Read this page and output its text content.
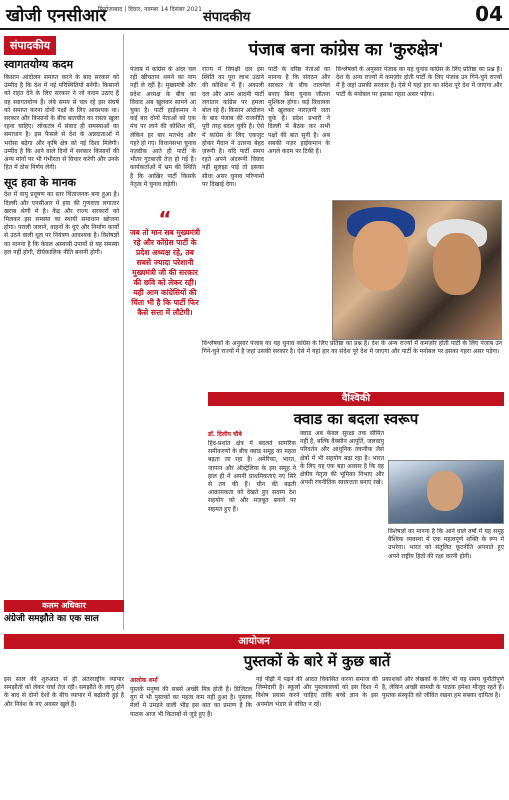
खोजी एनसीआर
फ़िरोज़ाबाद | दिवार, नवम्बर 14 दिसंबर 2021
संपादकीय	04
संपादकीय
स्वागतयोग्य कदम
किसान आंदोलन समाप्त करने के बाद सरकार को उम्मीद है कि देश में नई परिस्थितियों बनेंगी। किसानों को राहत देने के लिए सरकार ने जो कदम उठाए हैं वह स्वागतयोग्य हैं। लंबे समय से चल रहे इस संघर्ष को समाप्त करना दोनों पक्षों के लिए आवश्यक था। सरकार और किसानों के बीच बातचीत का रास्ता खुला रहना चाहिए। लोकतंत्र में संवाद ही समस्याओं का समाधान है। इस फैसले से देश के अन्नदाताओं में भरोसा बढ़ेगा और कृषि क्षेत्र को नई दिशा मिलेगी। उम्मीद है कि आने वाले दिनों में सरकार किसानों की अन्य मांगों पर भी गंभीरता से विचार करेगी और उनके हित में ठोस निर्णय लेगी।
सूद हवा के मानक
देश में वायु प्रदूषण का स्तर चिंताजनक बना हुआ है। दिल्ली और एनसीआर में हवा की गुणवत्ता लगातार खराब श्रेणी में है। केंद्र और राज्य सरकारों को मिलकर इस समस्या का स्थायी समाधान खोजना होगा। पराली जलाने, वाहनों के धुएं और निर्माण कार्यों से उठने वाली धूल पर नियंत्रण आवश्यक है। विशेषज्ञों का मानना है कि केवल अस्थायी उपायों से यह समस्या हल नहीं होगी, दीर्घकालिक नीति बनानी होगी।
“
जब तो मान सब मुख्यमंत्री रहे और कोंग्रेस पार्टी के प्रदेश अध्यक्ष रहे, तब सबसे ज्यादा परेशानी मुख्यमंत्री जी की सरकार की छवि को लेकर रही। यही आम कांग्रेसियों की चिंता भी है कि पार्टी फिर कैसे सत्ता में लौटेगी।
पंजाब बना कांग्रेस का 'कुरुक्षेत्र'
पंजाब में कांग्रेस के अंदर चल रही खींचतान थमने का नाम नहीं ले रही है। मुख्यमंत्री और प्रदेश अध्यक्ष के बीच का विवाद अब खुलकर सामने आ चुका है। पार्टी हाईकमान ने कई बार दोनों नेताओं को एक मंच पर लाने की कोशिश की, लेकिन हर बार मतभेद और गहरे हो गए। विधानसभा चुनाव नज़दीक आते ही पार्टी के भीतर गुटबाज़ी तेज़ हो गई है। कार्यकर्ताओं में भ्रम की स्थिति है कि आखिर पार्टी किसके नेतृत्व में चुनाव लड़ेगी।
राज्य में विपक्षी दल इस स्थिति का पूरा लाभ उठाने की कोशिश में हैं। अकाली दल और आम आदमी पार्टी लगातार कांग्रेस पर हमला बोल रहे हैं। किसान आंदोलन के बाद पंजाब की राजनीति पूरी तरह बदल चुकी है। ऐसे में कांग्रेस के लिए एकजुट होकर मैदान में उतरना बेहद ज़रूरी है। यदि पार्टी समय रहते अपने अंदरूनी विवाद नहीं सुलझा पाई तो इसका सीधा असर चुनाव परिणामों पर दिखाई देगा।
पार्टी के वरिष्ठ नेताओं का मानना है कि संगठन और सरकार के बीच तालमेल बनाए बिना चुनाव जीतना मुश्किल होगा। कई विधायक भी खुलकर नाराज़गी जता चुके हैं। प्रदेश प्रभारी ने दिल्ली में बैठक कर सभी पक्षों की बात सुनी है। अब सबकी नज़र हाईकमान के अगले कदम पर टिकी है।
विश्लेषकों के अनुसार पंजाब का यह चुनाव कांग्रेस के लिए प्रतिष्ठा का प्रश्न है। देश के अन्य राज्यों में कमज़ोर होती पार्टी के लिए पंजाब उन गिने-चुने राज्यों में है जहां उसकी सरकार है। ऐसे में यहां हार का संदेश पूरे देश में जाएगा और पार्टी के मनोबल पर इसका गहरा असर पड़ेगा।
विश्लेषकों के अनुसार पंजाब का यह चुनाव कांग्रेस के लिए प्रतिष्ठा का प्रश्न है। देश के अन्य राज्यों में कमज़ोर होती पार्टी के लिए पंजाब उन गिने-चुने राज्यों में है जहां उसकी सरकार है। ऐसे में यहां हार का संदेश पूरे देश में जाएगा और पार्टी के मनोबल पर इसका गहरा असर पड़ेगा।
वैश्विकी
क्वाड का बदला स्वरूप
डॉ. दिलीप चौबे
हिंद-प्रशांत क्षेत्र में बदलते सामरिक समीकरणों के बीच क्वाड समूह का महत्व बढ़ता जा रहा है। अमेरिका, भारत, जापान और ऑस्ट्रेलिया के इस समूह ने हाल ही में अपनी प्राथमिकताएं नए सिरे से तय की हैं। चीन की बढ़ती आक्रामकता को देखते हुए सदस्य देश सहयोग को और मज़बूत बनाने पर सहमत हुए हैं।
क्वाड अब केवल सुरक्षा तक सीमित नहीं है, बल्कि वैक्सीन आपूर्ति, जलवायु परिवर्तन और आधुनिक तकनीक जैसे क्षेत्रों में भी सहयोग बढ़ा रहा है। भारत के लिए यह एक बड़ा अवसर है कि वह क्षेत्रीय नेतृत्व की भूमिका निभाए और अपनी रणनीतिक स्वायत्तता बनाए रखे।
विशेषज्ञों का मानना है कि आने वाले वर्षों में यह समूह वैश्विक व्यवस्था में एक महत्वपूर्ण शक्ति के रूप में उभरेगा। भारत को संतुलित कूटनीति अपनाते हुए अपने राष्ट्रीय हितों की रक्षा करनी होगी।
कलम अधिकार
अंग्रेजी समझौते का एक साल
आयोजन
पुस्तकों के बारे में कुछ बातें
इस साल की शुरुआत से ही अंतरराष्ट्रीय व्यापार समझौतों को लेकर चर्चा तेज़ रही। समझौते के लागू होने के बाद से दोनों देशों के बीच व्यापार में बढ़ोतरी हुई है और निवेश के नए अवसर खुले हैं।
आलोक शर्मा
पुस्तकें मनुष्य की सबसे अच्छी मित्र होती हैं। डिजिटल युग में भी पुस्तकों का महत्व कम नहीं हुआ है। पुस्तक मेलों में उमड़ने वाली भीड़ इस बात का प्रमाण है कि पाठक आज भी किताबों से जुड़े हुए हैं।
नई पीढ़ी में पढ़ने की आदत विकसित करना समाज की ज़िम्मेदारी है। स्कूलों और पुस्तकालयों को इस दिशा में विशेष प्रयास करने चाहिए ताकि बच्चे ज्ञान के इस अनमोल भंडार से वंचित न रहें।
प्रकाशकों और लेखकों के लिए भी यह समय चुनौतीपूर्ण है, लेकिन अच्छी सामग्री के पाठक हमेशा मौजूद रहते हैं। पुस्तक संस्कृति को जीवित रखना हम सबका दायित्व है।
